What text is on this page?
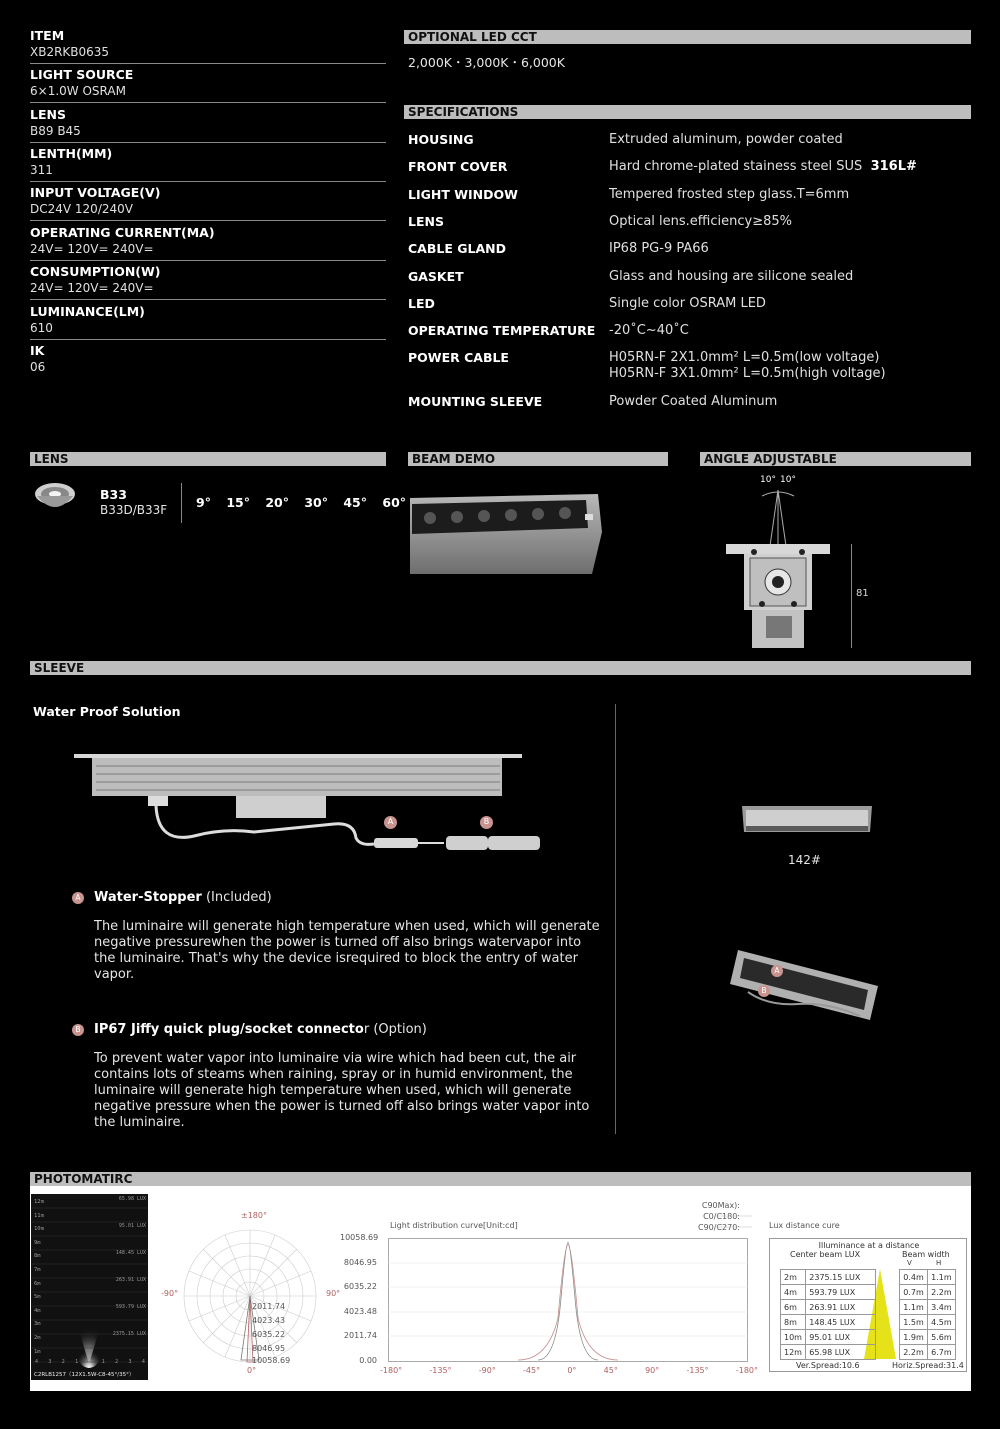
ITEM
XB2RKB0635
LIGHT SOURCE
6×1.0W OSRAM
LENS
B89 B45
LENTH(MM)
311
INPUT VOLTAGE(V)
DC24V 120/240V
OPERATING CURRENT(MA)
24V= 120V= 240V=
CONSUMPTION(W)
24V= 120V= 240V=
LUMINANCE(LM)
610
IK
06
OPTIONAL LED CCT
2,000K・3,000K・6,000K
SPECIFICATIONS
HOUSING	Extruded aluminum, powder coated
FRONT COVER	Hard chrome-plated stainess steel SUS 316L#
LIGHT WINDOW	Tempered frosted step glass.T=6mm
LENS	Optical lens.efficiency≥85%
CABLE GLAND	IP68 PG-9 PA66
GASKET	Glass and housing are silicone sealed
LED	Single color OSRAM LED
OPERATING TEMPERATURE -20˚C~40˚C
POWER CABLE	H05RN-F 2X1.0mm² L=0.5m(low voltage)
H05RN-F 3X1.0mm² L=0.5m(high voltage)
MOUNTING SLEEVE	Powder Coated Aluminum
LENS	BEAM DEMO	ANGLE ADJUSTABLE
B33
B33D/B33F 9° 15° 20° 30° 45° 60°
10° 10°
81
SLEEVE
Water Proof Solution
A	B
A Water-Stopper (Included)
The luminaire will generate high temperature when used, which will generate negative pressurewhen the power is turned off also brings watervapor into the luminaire. That's why the device isrequired to block the entry of water vapor.
B IP67 Jiffy quick plug/socket connector (Option)
To prevent water vapor into luminaire via wire which had been cut, the air contains lots of steams when raining, spray or in humid environment, the luminaire will generate high temperature when used, which will generate negative pressure when the power is turned off also brings water vapor into the luminaire.
142#
A
B
PHOTOMATIRC
12m
11m
10m
9m
8m
7m
6m
5m
4m
3m
2m
1m
65.98 LUX
95.01 LUX
148.45 LUX
263.91 LUX
593.79 LUX
2375.15 LUX
4 3 2 1 0 1 2 3 4
C2RLB1257（12X1.5W-C8-45°/35°）
±180°
-90°	90°
0°
2011.74
4023.43
6035.22
8046.95
10058.69
Light distribution curve[Unit:cd]
C90Max):
C0/C180:
C90/C270:
10058.69
8046.95
6035.22
4023.48
2011.74
0.00
-180°	-135°	-90°	-45°	0°	45°	90°	-135°	-180°
Lux distance cure
Illuminance at a distance
Center beam LUX	Beam width
V	H
2m	2375.15 LUX		0.4m	1.1m
4m	593.79 LUX		0.7m	2.2m
6m	263.91 LUX		1.1m	3.4m
8m	148.45 LUX		1.5m	4.5m
10m	95.01 LUX		1.9m	5.6m
12m	65.98 LUX		2.2m	6.7m
Ver.Spread:10.6	Horiz.Spread:31.4
